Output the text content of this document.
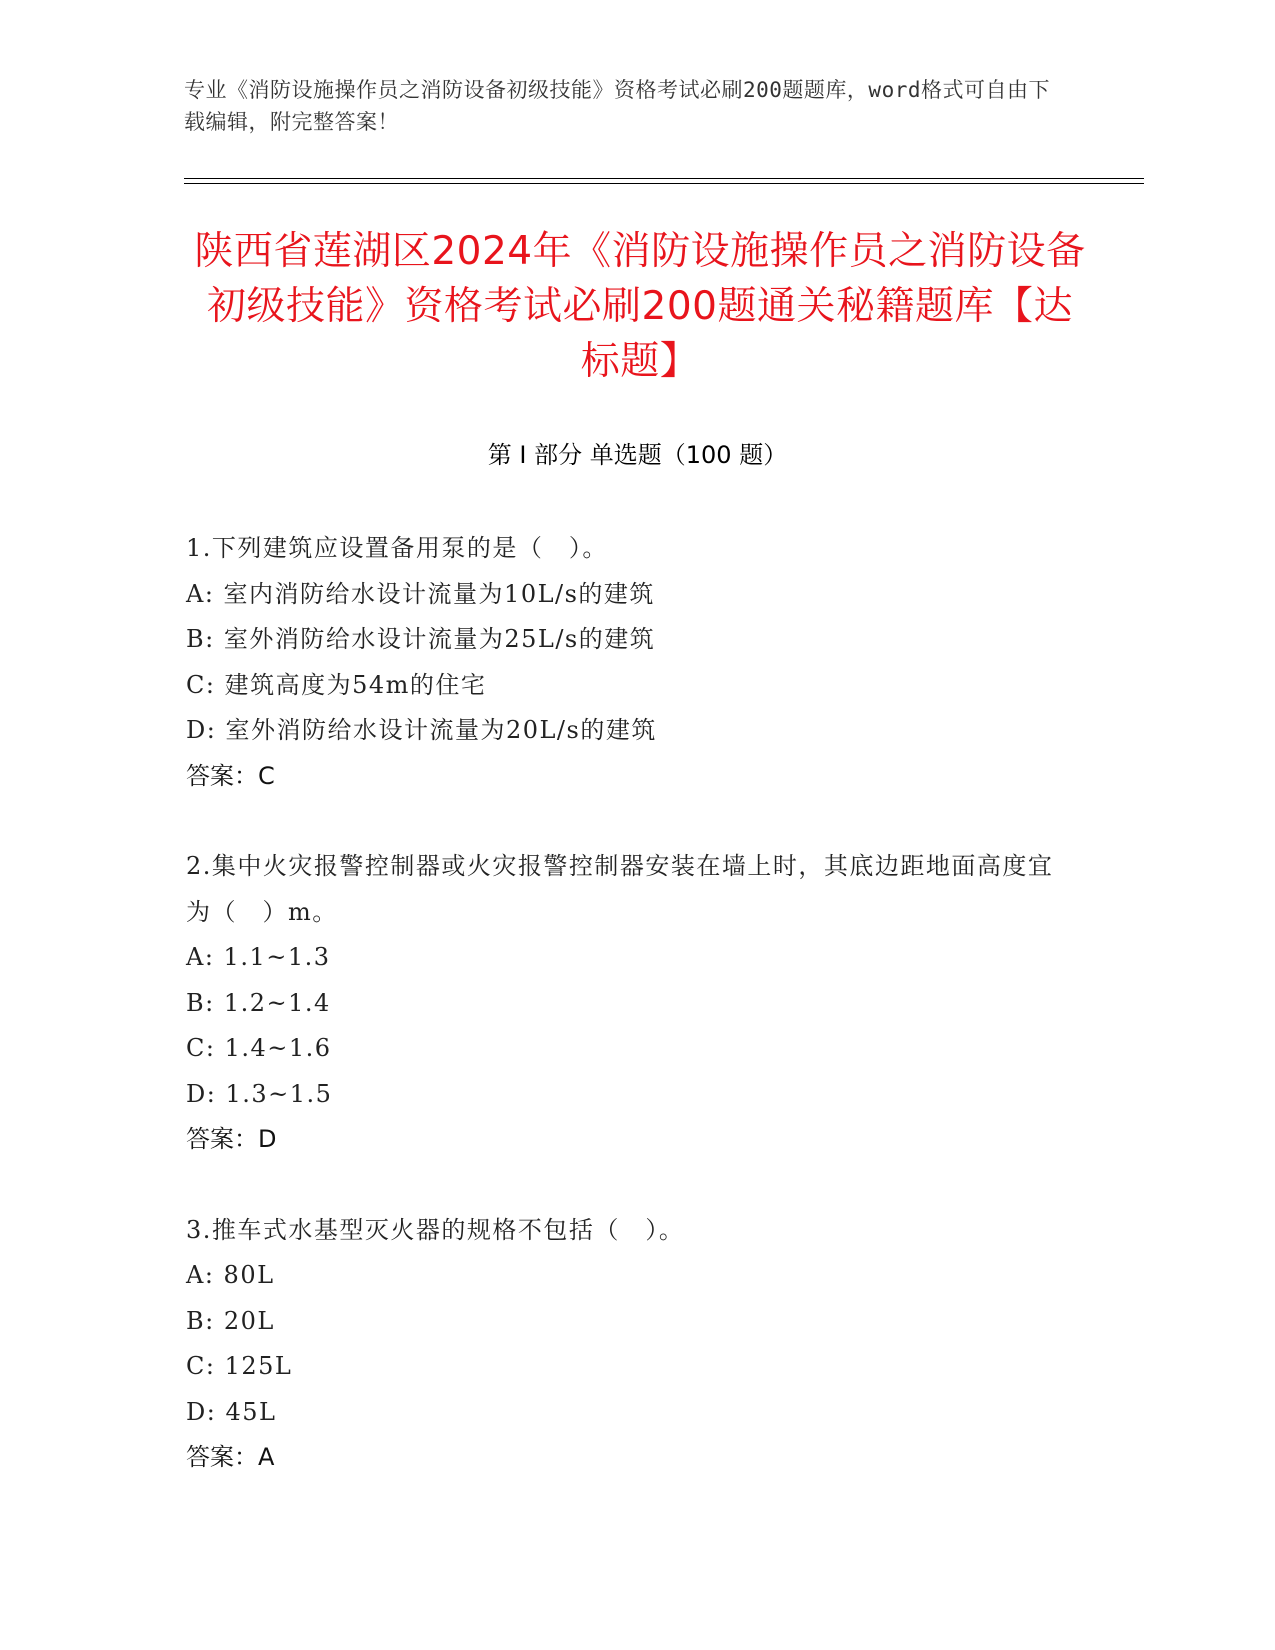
专业《消防设施操作员之消防设备初级技能》资格考试必刷200题题库，word格式可自由下载编辑，附完整答案！
陕西省莲湖区2024年《消防设施操作员之消防设备初级技能》资格考试必刷200题通关秘籍题库【达标题】
第 I 部分 单选题（100 题）
1.下列建筑应设置备用泵的是（　）。
A: 室内消防给水设计流量为10L/s的建筑
B: 室外消防给水设计流量为25L/s的建筑
C: 建筑高度为54m的住宅
D: 室外消防给水设计流量为20L/s的建筑
答案：C
2.集中火灾报警控制器或火灾报警控制器安装在墙上时，其底边距地面高度宜为（　）m。
A: 1.1~1.3
B: 1.2~1.4
C: 1.4~1.6
D: 1.3~1.5
答案：D
3.推车式水基型灭火器的规格不包括（　）。
A: 80L
B: 20L
C: 125L
D: 45L
答案：A
